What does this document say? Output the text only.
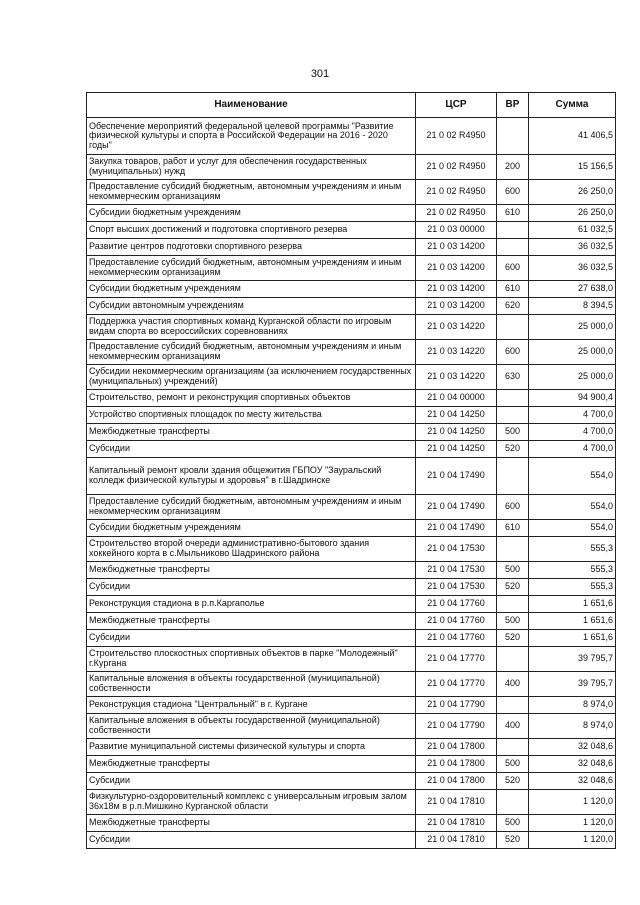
301
Наименование	ЦСР	ВР	Сумма
Обеспечение мероприятий федеральной целевой программы "Развитие физической культуры и спорта в Российской Федерации на 2016 - 2020 годы"	21 0 02 R4950		41 406,5
Закупка товаров, работ и услуг для обеспечения государственных (муниципальных) нужд	21 0 02 R4950	200	15 156,5
Предоставление субсидий бюджетным, автономным учреждениям и иным некоммерческим организациям	21 0 02 R4950	600	26 250,0
Субсидии бюджетным учреждениям	21 0 02 R4950	610	26 250,0
Спорт высших достижений и подготовка спортивного резерва	21 0 03 00000		61 032,5
Развитие центров подготовки спортивного резерва	21 0 03 14200		36 032,5
Предоставление субсидий бюджетным, автономным учреждениям и иным некоммерческим организациям	21 0 03 14200	600	36 032,5
Субсидии бюджетным учреждениям	21 0 03 14200	610	27 638,0
Субсидии автономным учреждениям	21 0 03 14200	620	8 394,5
Поддержка участия спортивных команд Курганской области по игровым видам спорта во всероссийских соревнованиях	21 0 03 14220		25 000,0
Предоставление субсидий бюджетным, автономным учреждениям и иным некоммерческим организациям	21 0 03 14220	600	25 000,0
Субсидии некоммерческим организациям (за исключением государственных (муниципальных) учреждений)	21 0 03 14220	630	25 000,0
Строительство, ремонт и реконструкция спортивных объектов	21 0 04 00000		94 900,4
Устройство спортивных площадок по месту жительства	21 0 04 14250		4 700,0
Межбюджетные трансферты	21 0 04 14250	500	4 700,0
Субсидии	21 0 04 14250	520	4 700,0
Капитальный ремонт кровли здания общежития ГБПОУ "Зауральский колледж физической культуры и здоровья" в г.Шадринске	21 0 04 17490		554,0
Предоставление субсидий бюджетным, автономным учреждениям и иным некоммерческим организациям	21 0 04 17490	600	554,0
Субсидии бюджетным учреждениям	21 0 04 17490	610	554,0
Строительство второй очереди административно-бытового здания хоккейного корта в с.Мыльниково Шадринского района	21 0 04 17530		555,3
Межбюджетные трансферты	21 0 04 17530	500	555,3
Субсидии	21 0 04 17530	520	555,3
Реконструкция стадиона в р.п.Каргаполье	21 0 04 17760		1 651,6
Межбюджетные трансферты	21 0 04 17760	500	1 651,6
Субсидии	21 0 04 17760	520	1 651,6
Строительство плоскостных спортивных объектов в парке "Молодежный" г.Кургана	21 0 04 17770		39 795,7
Капитальные вложения в объекты государственной (муниципальной) собственности	21 0 04 17770	400	39 795,7
Реконструкция стадиона "Центральный" в г. Кургане	21 0 04 17790		8 974,0
Капитальные вложения в объекты государственной (муниципальной) собственности	21 0 04 17790	400	8 974,0
Развитие муниципальной системы физической культуры и спорта	21 0 04 17800		32 048,6
Межбюджетные трансферты	21 0 04 17800	500	32 048,6
Субсидии	21 0 04 17800	520	32 048,6
Физкультурно-оздоровительный комплекс с универсальным игровым залом 36х18м в р.п.Мишкино Курганской области	21 0 04 17810		1 120,0
Межбюджетные трансферты	21 0 04 17810	500	1 120,0
Субсидии	21 0 04 17810	520	1 120,0
